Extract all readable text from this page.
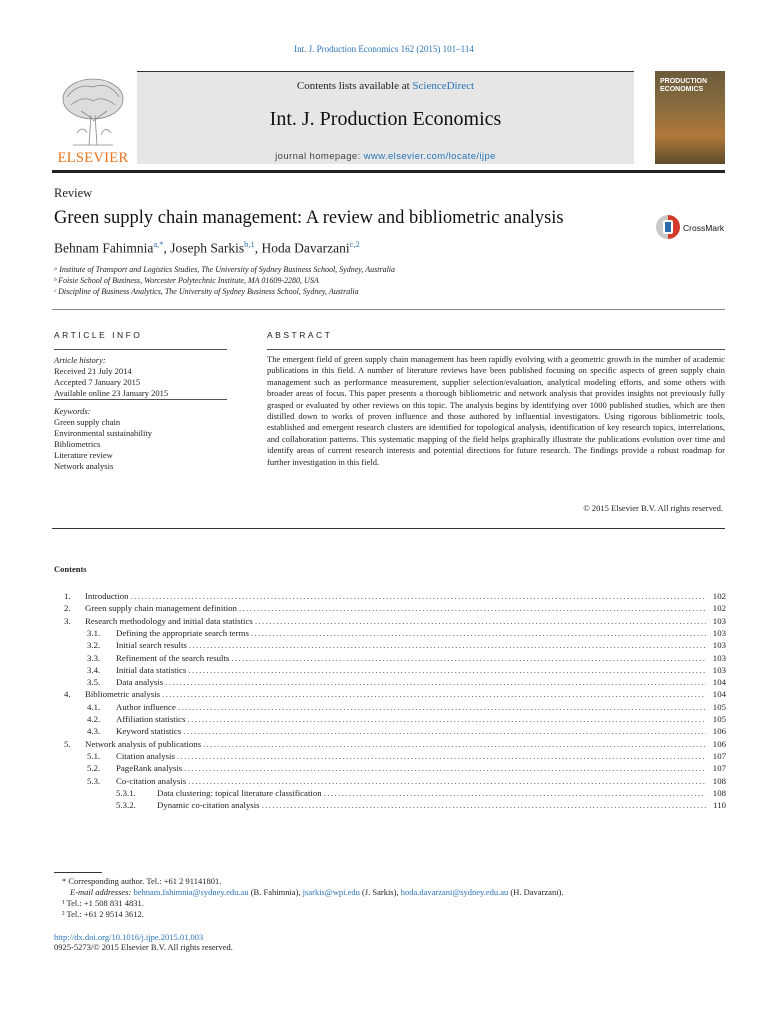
Int. J. Production Economics 162 (2015) 101–114
ELSEVIER
Contents lists available at ScienceDirect
Int. J. Production Economics
journal homepage: www.elsevier.com/locate/ijpe
PRODUCTION ECONOMICS
Review
Green supply chain management: A review and bibliometric analysis	CrossMark
Behnam Fahimnia$^{a,*}$, Joseph Sarkis$^{b,1}$, Hoda Davarzani$^{c,2}$
ᵃ Institute of Transport and Logistics Studies, The University of Sydney Business School, Sydney, Australia
ᵇ Foisie School of Business, Worcester Polytechnic Institute, MA 01609-2280, USA
ᶜ Discipline of Business Analytics, The University of Sydney Business School, Sydney, Australia
ARTICLE INFO
Article history:
Received 21 July 2014
Accepted 7 January 2015
Available online 23 January 2015
Keywords:
Green supply chain
Environmental sustainability
Bibliometrics
Literature review
Network analysis
ABSTRACT
The emergent field of green supply chain management has been rapidly evolving with a geometric growth in the number of academic publications in this field. A number of literature reviews have been published focusing on specific aspects of green supply chain management such as performance measurement, supplier selection/evaluation, analytical modeling efforts, and some others with broader areas of focus. This paper presents a thorough bibliometric and network analysis that provides insights not previously fully grasped or evaluated by other reviews on this topic. The analysis begins by identifying over 1000 published studies, which are then distilled down to works of proven influence and those authored by influential investigators. Using rigorous bibliometric tools, established and emergent research clusters are identified for topological analysis, identification of key research topics, interrelations, and collaboration patterns. This systematic mapping of the field helps graphically illustrate the publications evolution over time and identify areas of current research interests and potential directions for future research. The findings provide a robust roadmap for further investigation in this field.
© 2015 Elsevier B.V. All rights reserved.
Contents
1.	Introduction . . .	102
2.	Green supply chain management definition . . .	102
3.	Research methodology and initial data statistics . . .	103
3.1.	Defining the appropriate search terms . . .	103
3.2.	Initial search results . . .	103
3.3.	Refinement of the search results . . .	103
3.4.	Initial data statistics . . .	103
3.5.	Data analysis . . .	104
4.	Bibliometric analysis . . .	104
4.1.	Author influence . . .	105
4.2.	Affiliation statistics . . .	105
4.3.	Keyword statistics . . .	106
5.	Network analysis of publications . . .	106
5.1.	Citation analysis . . .	107
5.2.	PageRank analysis . . .	107
5.3.	Co-citation analysis . . .	108
5.3.1.	Data clustering: topical literature classification . . .	108
5.3.2.	Dynamic co-citation analysis . . .	110
* Corresponding author. Tel.: +61 2 91141801.
E-mail addresses: behnam.fahimnia@sydney.edu.au (B. Fahimnia), jsarkis@wpi.edu (J. Sarkis), hoda.davarzani@sydney.edu.au (H. Davarzani).
¹ Tel.: +1 508 831 4831.
² Tel.: +61 2 9514 3612.
http://dx.doi.org/10.1016/j.ijpe.2015.01.003
0925-5273/© 2015 Elsevier B.V. All rights reserved.
